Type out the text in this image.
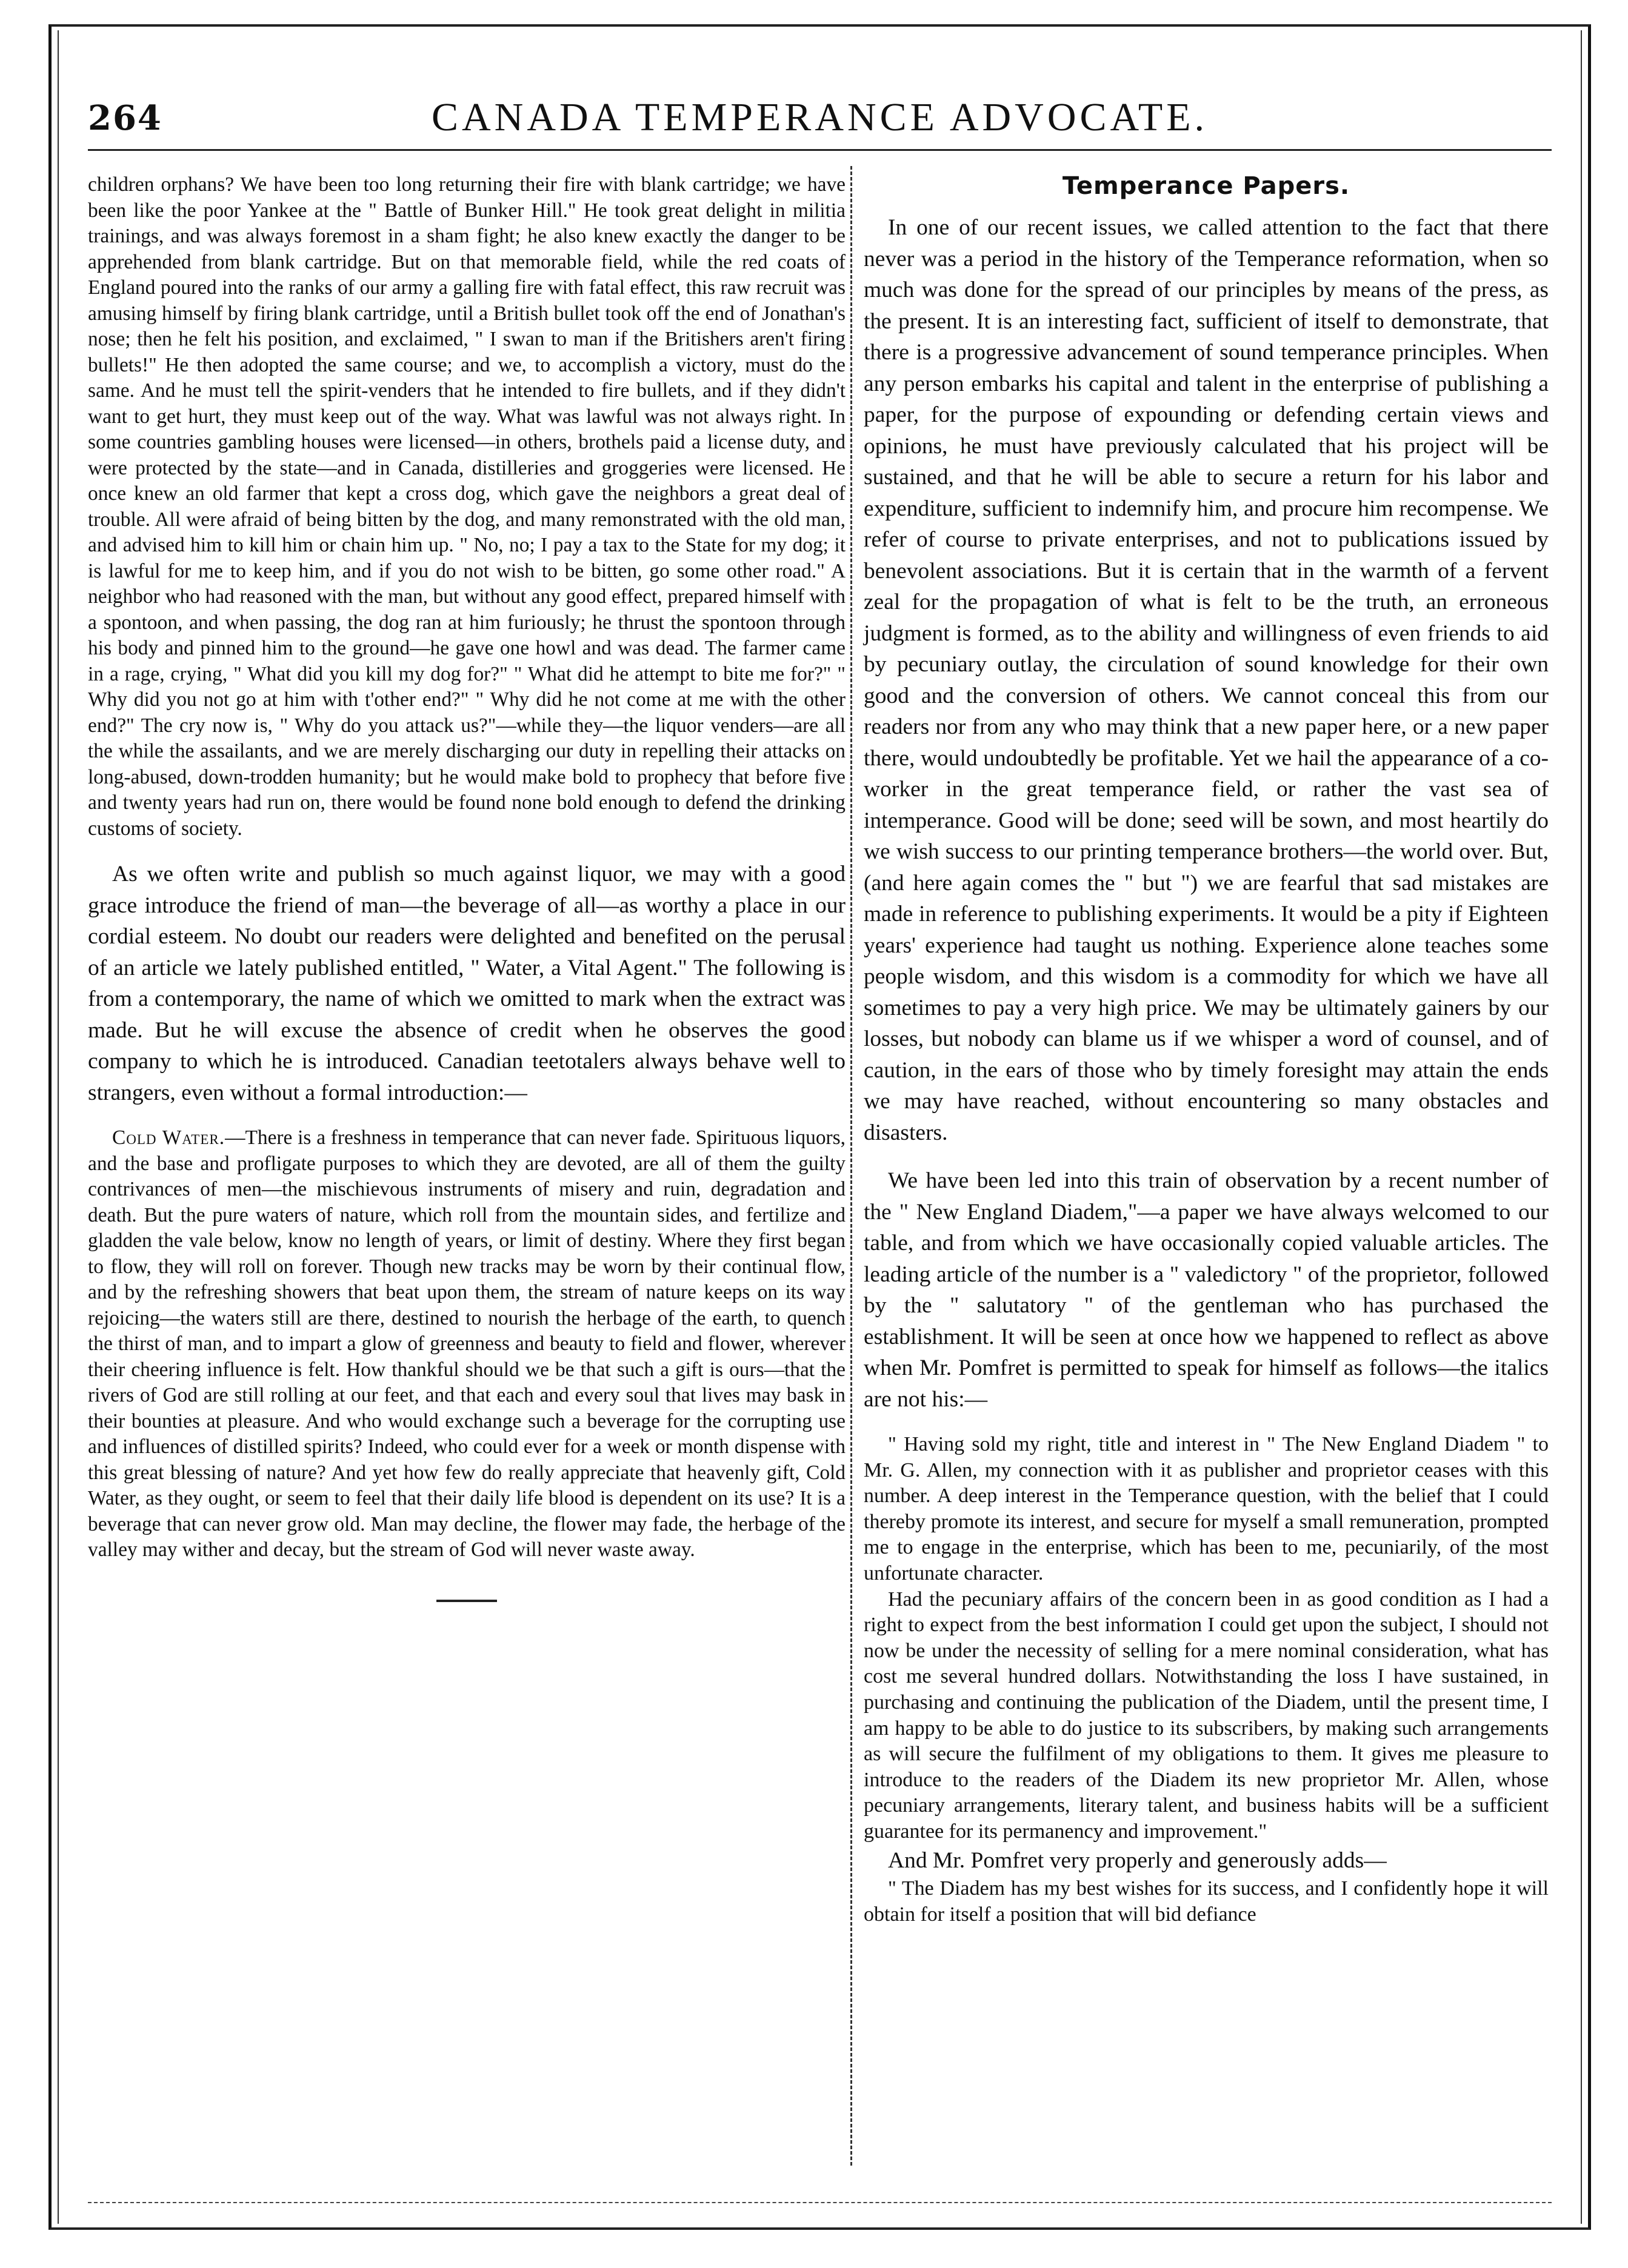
264	CANADA TEMPERANCE ADVOCATE.

children orphans? We have been too long returning their fire with blank cartridge; we have been like the poor Yankee at the " Battle of Bunker Hill." He took great delight in militia trainings, and was always foremost in a sham fight; he also knew exactly the danger to be apprehended from blank cartridge. But on that memorable field, while the red coats of England poured into the ranks of our army a galling fire with fatal effect, this raw recruit was amusing himself by firing blank cartridge, until a British bullet took off the end of Jonathan's nose; then he felt his position, and exclaimed, " I swan to man if the Britishers aren't firing bullets!" He then adopted the same course; and we, to accomplish a victory, must do the same. And he must tell the spirit-venders that he intended to fire bullets, and if they didn't want to get hurt, they must keep out of the way. What was lawful was not always right. In some countries gambling houses were licensed—in others, brothels paid a license duty, and were protected by the state—and in Canada, distilleries and groggeries were licensed. He once knew an old farmer that kept a cross dog, which gave the neighbors a great deal of trouble. All were afraid of being bitten by the dog, and many remonstrated with the old man, and advised him to kill him or chain him up. " No, no; I pay a tax to the State for my dog; it is lawful for me to keep him, and if you do not wish to be bitten, go some other road." A neighbor who had reasoned with the man, but without any good effect, prepared himself with a spontoon, and when passing, the dog ran at him furiously; he thrust the spontoon through his body and pinned him to the ground—he gave one howl and was dead. The farmer came in a rage, crying, " What did you kill my dog for?" " What did he attempt to bite me for?" " Why did you not go at him with t'other end?" " Why did he not come at me with the other end?" The cry now is, " Why do you attack us?"—while they—the liquor venders—are all the while the assailants, and we are merely discharging our duty in repelling their attacks on long-abused, down-trodden humanity; but he would make bold to prophecy that before five and twenty years had run on, there would be found none bold enough to defend the drinking customs of society.

As we often write and publish so much against liquor, we may with a good grace introduce the friend of man—the beverage of all—as worthy a place in our cordial esteem. No doubt our readers were delighted and benefited on the perusal of an article we lately published entitled, " Water, a Vital Agent." The following is from a contemporary, the name of which we omitted to mark when the extract was made. But he will excuse the absence of credit when he observes the good company to which he is introduced. Canadian teetotalers always behave well to strangers, even without a formal introduction:—

Cold Water.—There is a freshness in temperance that can never fade. Spirituous liquors, and the base and profligate purposes to which they are devoted, are all of them the guilty contrivances of men—the mischievous instruments of misery and ruin, degradation and death. But the pure waters of nature, which roll from the mountain sides, and fertilize and gladden the vale below, know no length of years, or limit of destiny. Where they first began to flow, they will roll on forever. Though new tracks may be worn by their continual flow, and by the refreshing showers that beat upon them, the stream of nature keeps on its way rejoicing—the waters still are there, destined to nourish the herbage of the earth, to quench the thirst of man, and to impart a glow of greenness and beauty to field and flower, wherever their cheering influence is felt. How thankful should we be that such a gift is ours—that the rivers of God are still rolling at our feet, and that each and every soul that lives may bask in their bounties at pleasure. And who would exchange such a beverage for the corrupting use and influences of distilled spirits? Indeed, who could ever for a week or month dispense with this great blessing of nature? And yet how few do really appreciate that heavenly gift, Cold Water, as they ought, or seem to feel that their daily life blood is dependent on its use? It is a beverage that can never grow old. Man may decline, the flower may fade, the herbage of the valley may wither and decay, but the stream of God will never waste away.

Temperance Papers.

In one of our recent issues, we called attention to the fact that there never was a period in the history of the Temperance reformation, when so much was done for the spread of our principles by means of the press, as the present. It is an interesting fact, sufficient of itself to demonstrate, that there is a progressive advancement of sound temperance principles. When any person embarks his capital and talent in the enterprise of publishing a paper, for the purpose of expounding or defending certain views and opinions, he must have previously calculated that his project will be sustained, and that he will be able to secure a return for his labor and expenditure, sufficient to indemnify him, and procure him recompense. We refer of course to private enterprises, and not to publications issued by benevolent associations. But it is certain that in the warmth of a fervent zeal for the propagation of what is felt to be the truth, an erroneous judgment is formed, as to the ability and willingness of even friends to aid by pecuniary outlay, the circulation of sound knowledge for their own good and the conversion of others. We cannot conceal this from our readers nor from any who may think that a new paper here, or a new paper there, would undoubtedly be profitable. Yet we hail the appearance of a co-worker in the great temperance field, or rather the vast sea of intemperance. Good will be done; seed will be sown, and most heartily do we wish success to our printing temperance brothers—the world over. But, (and here again comes the " but ") we are fearful that sad mistakes are made in reference to publishing experiments. It would be a pity if Eighteen years' experience had taught us nothing. Experience alone teaches some people wisdom, and this wisdom is a commodity for which we have all sometimes to pay a very high price. We may be ultimately gainers by our losses, but nobody can blame us if we whisper a word of counsel, and of caution, in the ears of those who by timely foresight may attain the ends we may have reached, without encountering so many obstacles and disasters.

We have been led into this train of observation by a recent number of the " New England Diadem,"—a paper we have always welcomed to our table, and from which we have occasionally copied valuable articles. The leading article of the number is a " valedictory " of the proprietor, followed by the " salutatory " of the gentleman who has purchased the establishment. It will be seen at once how we happened to reflect as above when Mr. Pomfret is permitted to speak for himself as follows—the italics are not his:—

" Having sold my right, title and interest in " The New England Diadem " to Mr. G. Allen, my connection with it as publisher and proprietor ceases with this number. A deep interest in the Temperance question, with the belief that I could thereby promote its interest, and secure for myself a small remuneration, prompted me to engage in the enterprise, which has been to me, pecuniarily, of the most unfortunate character.

Had the pecuniary affairs of the concern been in as good condition as I had a right to expect from the best information I could get upon the subject, I should not now be under the necessity of selling for a mere nominal consideration, what has cost me several hundred dollars. Notwithstanding the loss I have sustained, in purchasing and continuing the publication of the Diadem, until the present time, I am happy to be able to do justice to its subscribers, by making such arrangements as will secure the fulfilment of my obligations to them. It gives me pleasure to introduce to the readers of the Diadem its new proprietor Mr. Allen, whose pecuniary arrangements, literary talent, and business habits will be a sufficient guarantee for its permanency and improvement."

And Mr. Pomfret very properly and generously adds—

" The Diadem has my best wishes for its success, and I confidently hope it will obtain for itself a position that will bid defiance
